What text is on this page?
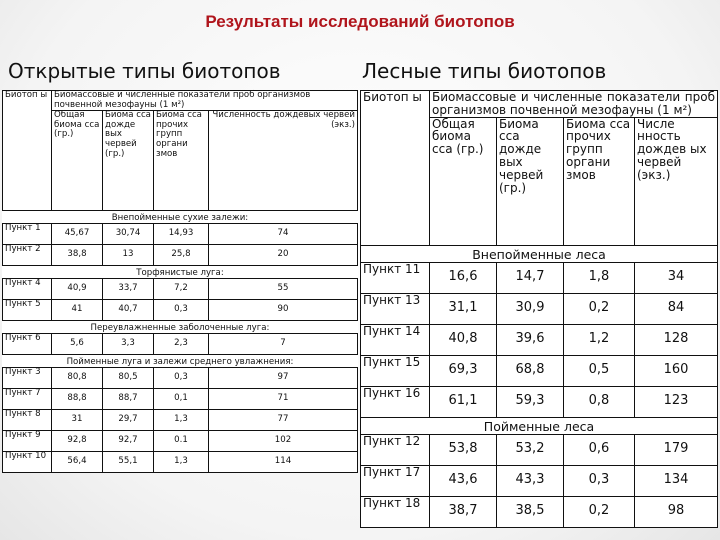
Результаты исследований биотопов
Открытые типы биотопов	Лесные типы биотопов
Биотоп ы	Биомассовые и численные показатели проб организмов почвенной мезофауны (1 м²)			
	Общая биома сса (гр.)	Биома сса дожде вых червей (гр.)	Биома сса прочих групп органи змов	Численность дождевых червей (экз.)
Внепойменные сухие залежи:				
Пункт 1	45,67	30,74	14,93	74
Пункт 2	38,8	13	25,8	20
Торфянистые луга:				
Пункт 4	40,9	33,7	7,2	55
Пункт 5	41	40,7	0,3	90
Переувлажненные заболоченные луга:				
Пункт 6	5,6	3,3	2,3	7
Пойменные луга и залежи среднего увлажнения:				
Пункт 3	80,8	80,5	0,3	97
Пункт 7	88,8	88,7	0,1	71
Пункт 8	31	29,7	1,3	77
Пункт 9	92,8	92,7	0.1	102
Пункт 10	56,4	55,1	1,3	114
Биотоп ы	Биомассовые и численные показатели проб организмов почвенной мезофауны (1 м²)			
	Общая биома сса (гр.)	Биома сса дожде вых червей (гр.)	Биома сса прочих групп органи змов	Числе нность дождев ых червей (экз.)
Внепойменные леса				
Пункт 11	16,6	14,7	1,8	34
Пункт 13	31,1	30,9	0,2	84
Пункт 14	40,8	39,6	1,2	128
Пункт 15	69,3	68,8	0,5	160
Пункт 16	61,1	59,3	0,8	123
Пойменные леса				
Пункт 12	53,8	53,2	0,6	179
Пункт 17	43,6	43,3	0,3	134
Пункт 18	38,7	38,5	0,2	98
